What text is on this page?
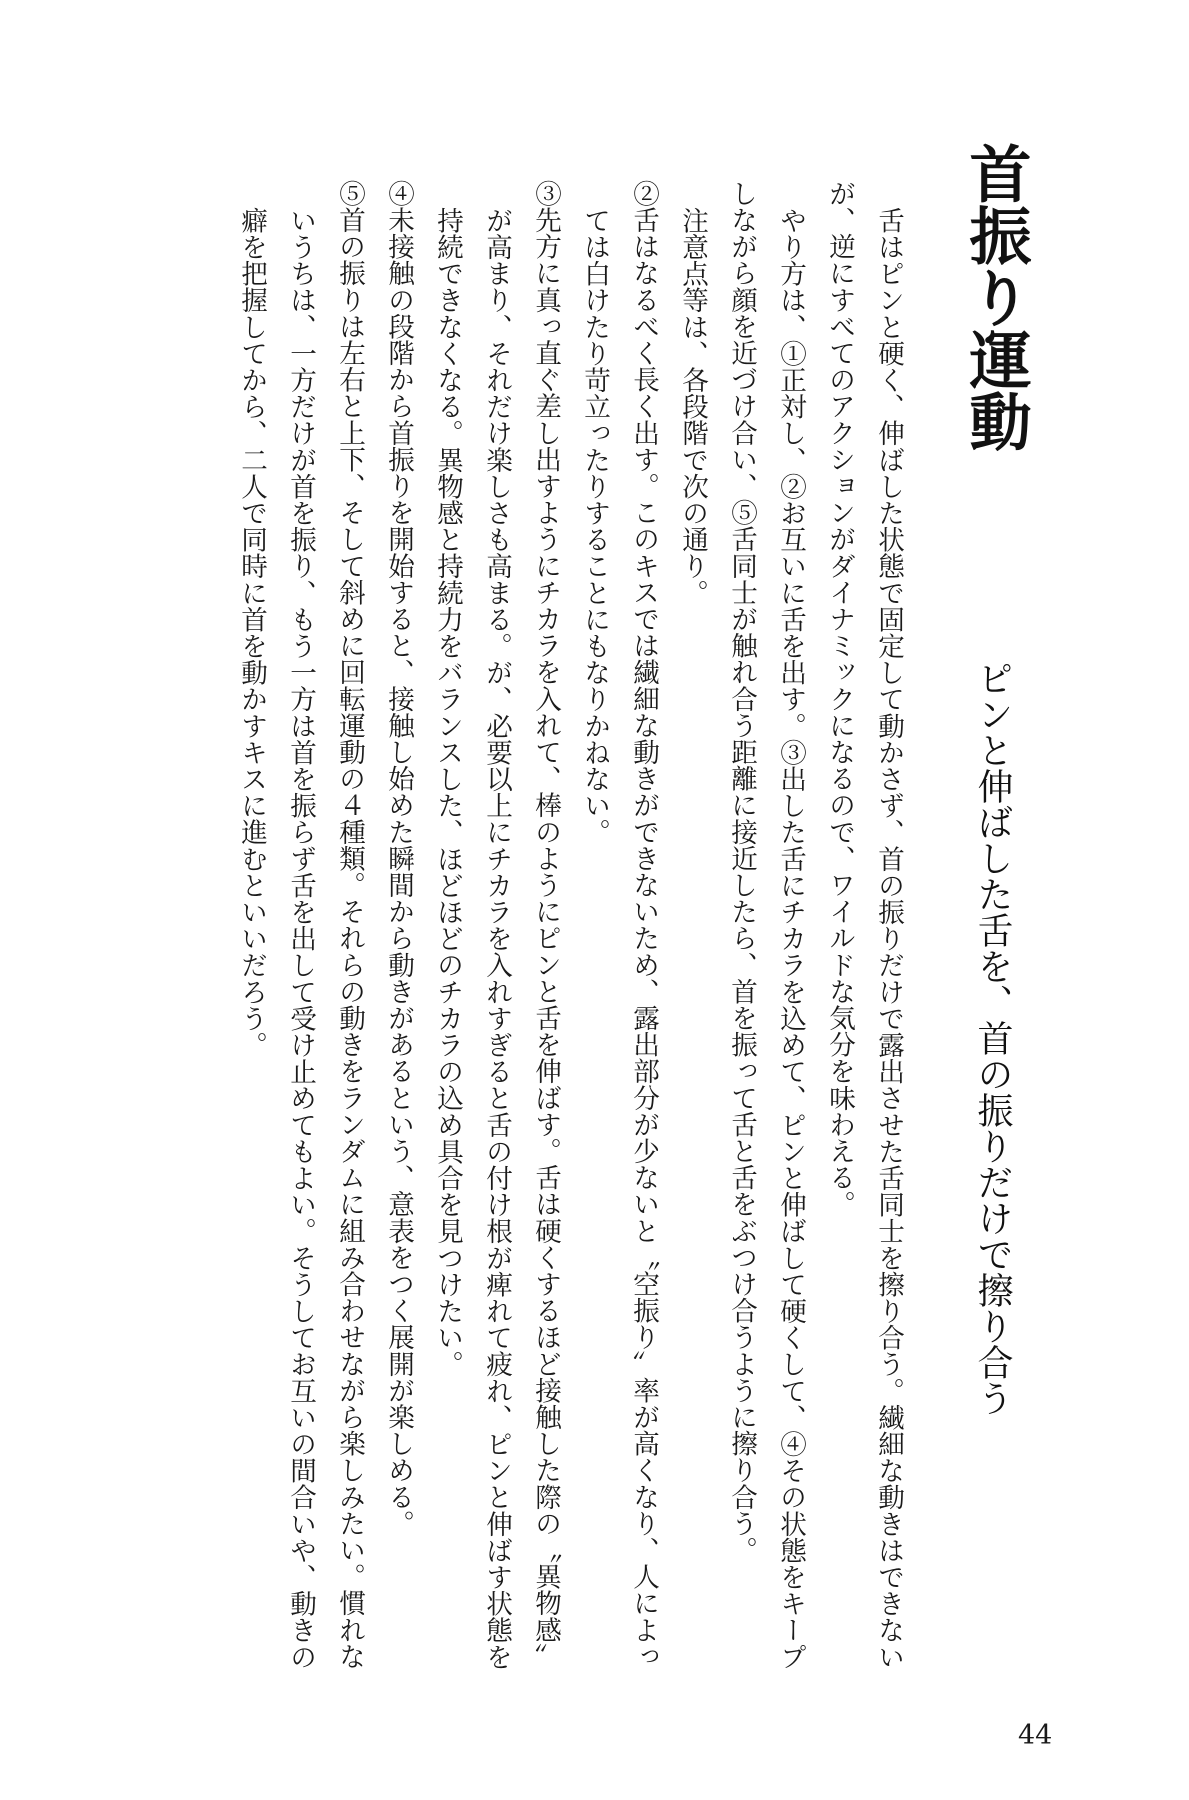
首振り運動
ピンと伸ばした舌を、首の振りだけで擦り合う

舌はピンと硬く、伸ばした状態で固定して動かさず、首の振りだけで露出させた舌同士を擦り合う。繊細な動きはできないが、逆にすべてのアクションがダイナミックになるので、ワイルドな気分を味わえる。

やり方は、①正対し、②お互いに舌を出す。③出した舌にチカラを込めて、ピンと伸ばして硬くして、④その状態をキープしながら顔を近づけ合い、⑤舌同士が触れ合う距離に接近したら、首を振って舌と舌をぶつけ合うように擦り合う。

注意点等は、各段階で次の通り。

②舌はなるべく長く出す。このキスでは繊細な動きができないため、露出部分が少ないと〝空振り〟率が高くなり、人によっては白けたり苛立ったりすることにもなりかねない。

③先方に真っ直ぐ差し出すようにチカラを入れて、棒のようにピンと舌を伸ばす。舌は硬くするほど接触した際の〝異物感〟が高まり、それだけ楽しさも高まる。が、必要以上にチカラを入れすぎると舌の付け根が痺れて疲れ、ピンと伸ばす状態を持続できなくなる。異物感と持続力をバランスした、ほどほどのチカラの込め具合を見つけたい。

④未接触の段階から首振りを開始すると、接触し始めた瞬間から動きがあるという、意表をつく展開が楽しめる。

⑤首の振りは左右と上下、そして斜めに回転運動の４種類。それらの動きをランダムに組み合わせながら楽しみたい。慣れないうちは、一方だけが首を振り、もう一方は首を振らず舌を出して受け止めてもよい。そうしてお互いの間合いや、動きの癖を把握してから、二人で同時に首を動かすキスに進むといいだろう。

44
